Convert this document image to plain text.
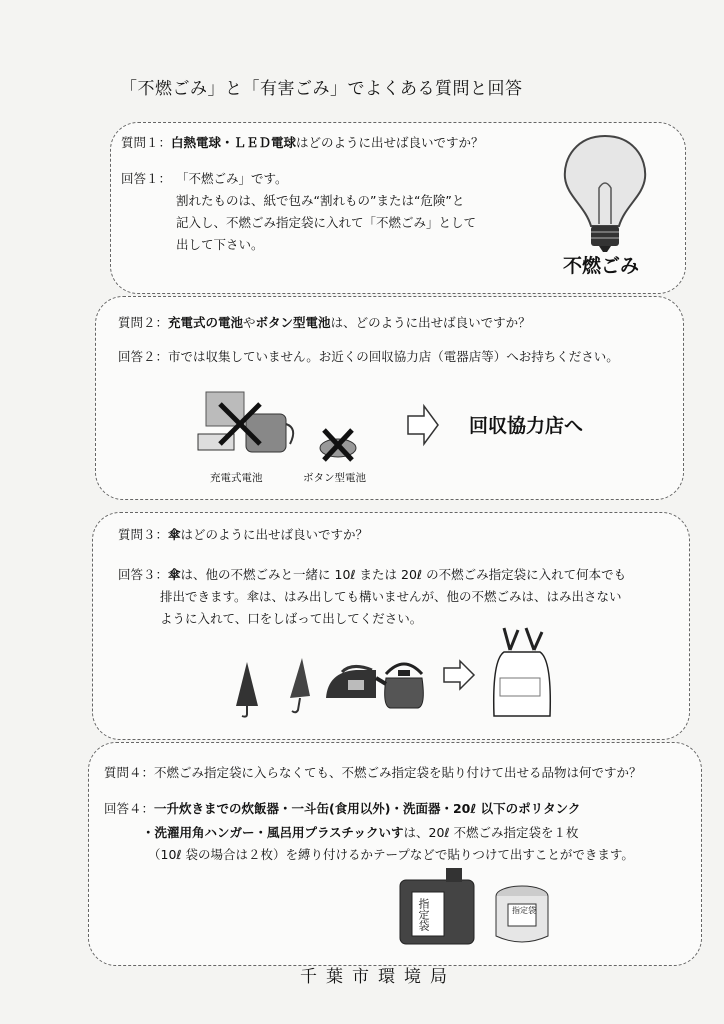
「不燃ごみ」と「有害ごみ」でよくある質問と回答
質問１：白熱電球・ＬＥＤ電球はどのように出せば良いですか？
回答１： 「不燃ごみ」です。
割れたものは、紙で包み“割れもの”または“危険”と
記入し、不燃ごみ指定袋に入れて「不燃ごみ」として
出して下さい。
不燃ごみ
質問２：充電式の電池やボタン型電池は、どのように出せば良いですか？
回答２：市では収集していません。お近くの回収協力店（電器店等）へお持ちください。
充電式電池	ボタン型電池
回収協力店へ
質問３：傘はどのように出せば良いですか？
回答３：傘は、他の不燃ごみと一緒に 10ℓ または 20ℓ の不燃ごみ指定袋に入れて何本でも
排出できます。傘は、はみ出しても構いませんが、他の不燃ごみは、はみ出さない
ように入れて、口をしばって出してください。
質問４：不燃ごみ指定袋に入らなくても、不燃ごみ指定袋を貼り付けて出せる品物は何ですか？
回答４：一升炊きまでの炊飯器・一斗缶(食用以外)・洗面器・20ℓ 以下のポリタンク
・洗濯用角ハンガー・風呂用プラスチックいすは、20ℓ 不燃ごみ指定袋を１枚
（10ℓ 袋の場合は２枚）を縛り付けるかテープなどで貼りつけて出すことができます。
指定袋	指定袋
千葉市環境局
